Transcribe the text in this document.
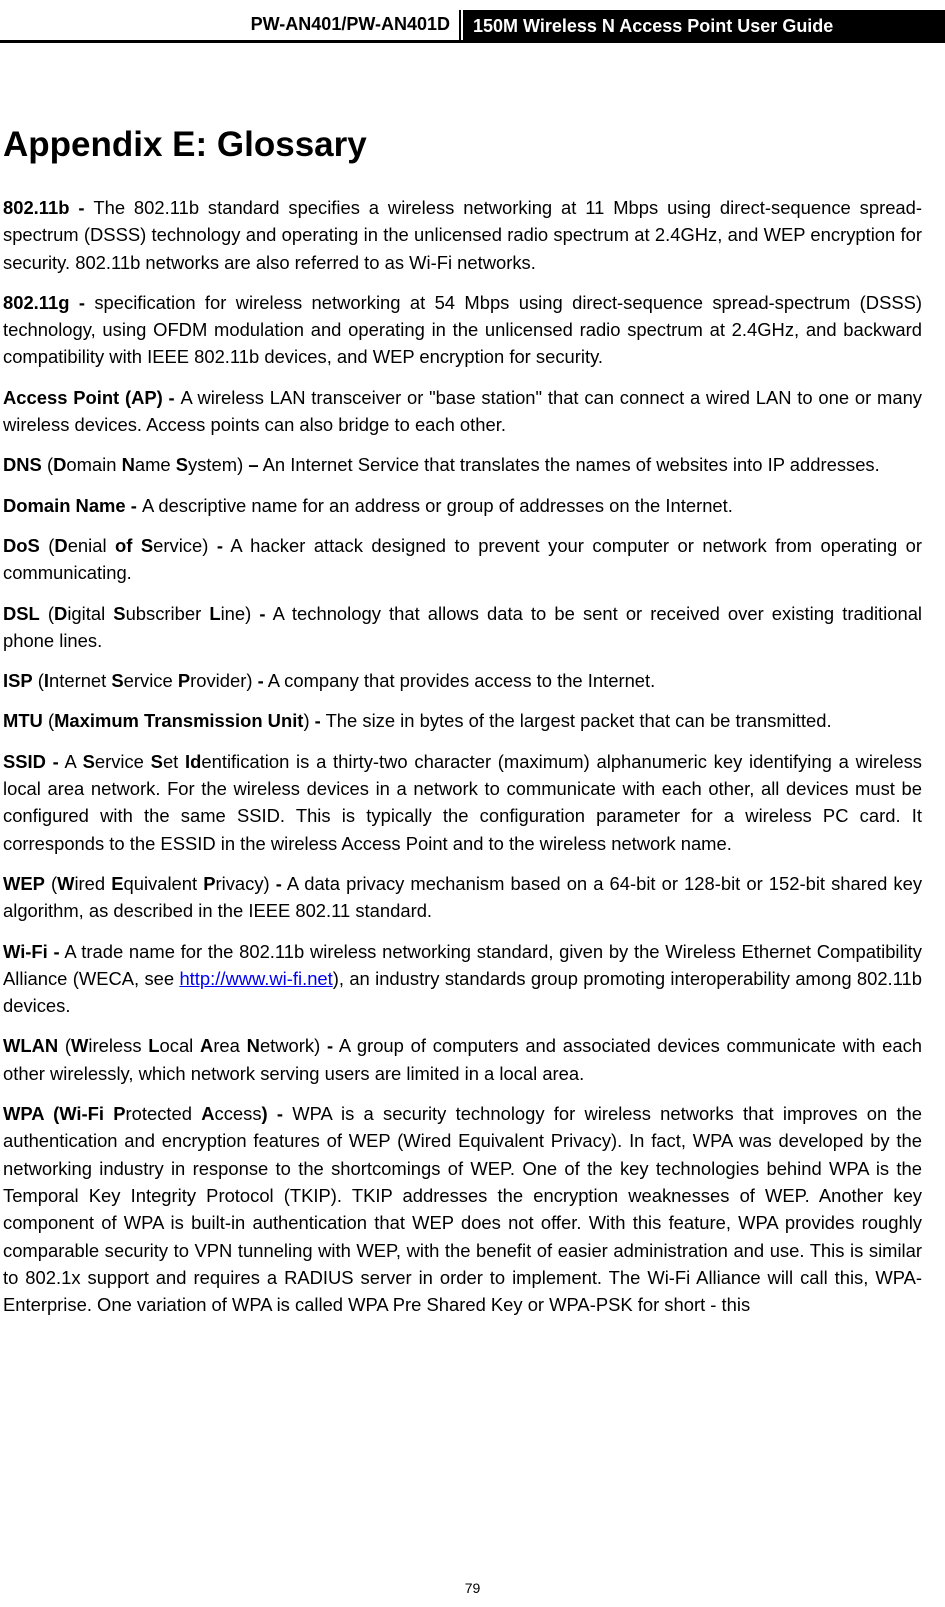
PW-AN401/PW-AN401D	150M Wireless N Access Point User Guide
Appendix E: Glossary

802.11b - The 802.11b standard specifies a wireless networking at 11 Mbps using direct-sequence spread-spectrum (DSSS) technology and operating in the unlicensed radio spectrum at 2.4GHz, and WEP encryption for security. 802.11b networks are also referred to as Wi-Fi networks.

802.11g - specification for wireless networking at 54 Mbps using direct-sequence spread-spectrum (DSSS) technology, using OFDM modulation and operating in the unlicensed radio spectrum at 2.4GHz, and backward compatibility with IEEE 802.11b devices, and WEP encryption for security.

Access Point (AP) - A wireless LAN transceiver or "base station" that can connect a wired LAN to one or many wireless devices. Access points can also bridge to each other.

DNS (Domain Name System) – An Internet Service that translates the names of websites into IP addresses.

Domain Name - A descriptive name for an address or group of addresses on the Internet.

DoS (Denial of Service) - A hacker attack designed to prevent your computer or network from operating or communicating.

DSL (Digital Subscriber Line) - A technology that allows data to be sent or received over existing traditional phone lines.

ISP (Internet Service Provider) - A company that provides access to the Internet.

MTU (Maximum Transmission Unit) - The size in bytes of the largest packet that can be transmitted.

SSID - A Service Set Identification is a thirty-two character (maximum) alphanumeric key identifying a wireless local area network. For the wireless devices in a network to communicate with each other, all devices must be configured with the same SSID. This is typically the configuration parameter for a wireless PC card. It corresponds to the ESSID in the wireless Access Point and to the wireless network name.

WEP (Wired Equivalent Privacy) - A data privacy mechanism based on a 64-bit or 128-bit or 152-bit shared key algorithm, as described in the IEEE 802.11 standard.

Wi-Fi - A trade name for the 802.11b wireless networking standard, given by the Wireless Ethernet Compatibility Alliance (WECA, see http://www.wi-fi.net), an industry standards group promoting interoperability among 802.11b devices.

WLAN (Wireless Local Area Network) - A group of computers and associated devices communicate with each other wirelessly, which network serving users are limited in a local area.

WPA (Wi-Fi Protected Access) - WPA is a security technology for wireless networks that improves on the authentication and encryption features of WEP (Wired Equivalent Privacy). In fact, WPA was developed by the networking industry in response to the shortcomings of WEP. One of the key technologies behind WPA is the Temporal Key Integrity Protocol (TKIP). TKIP addresses the encryption weaknesses of WEP. Another key component of WPA is built-in authentication that WEP does not offer. With this feature, WPA provides roughly comparable security to VPN tunneling with WEP, with the benefit of easier administration and use. This is similar to 802.1x support and requires a RADIUS server in order to implement. The Wi-Fi Alliance will call this, WPA-Enterprise. One variation of WPA is called WPA Pre Shared Key or WPA-PSK for short - this

79
